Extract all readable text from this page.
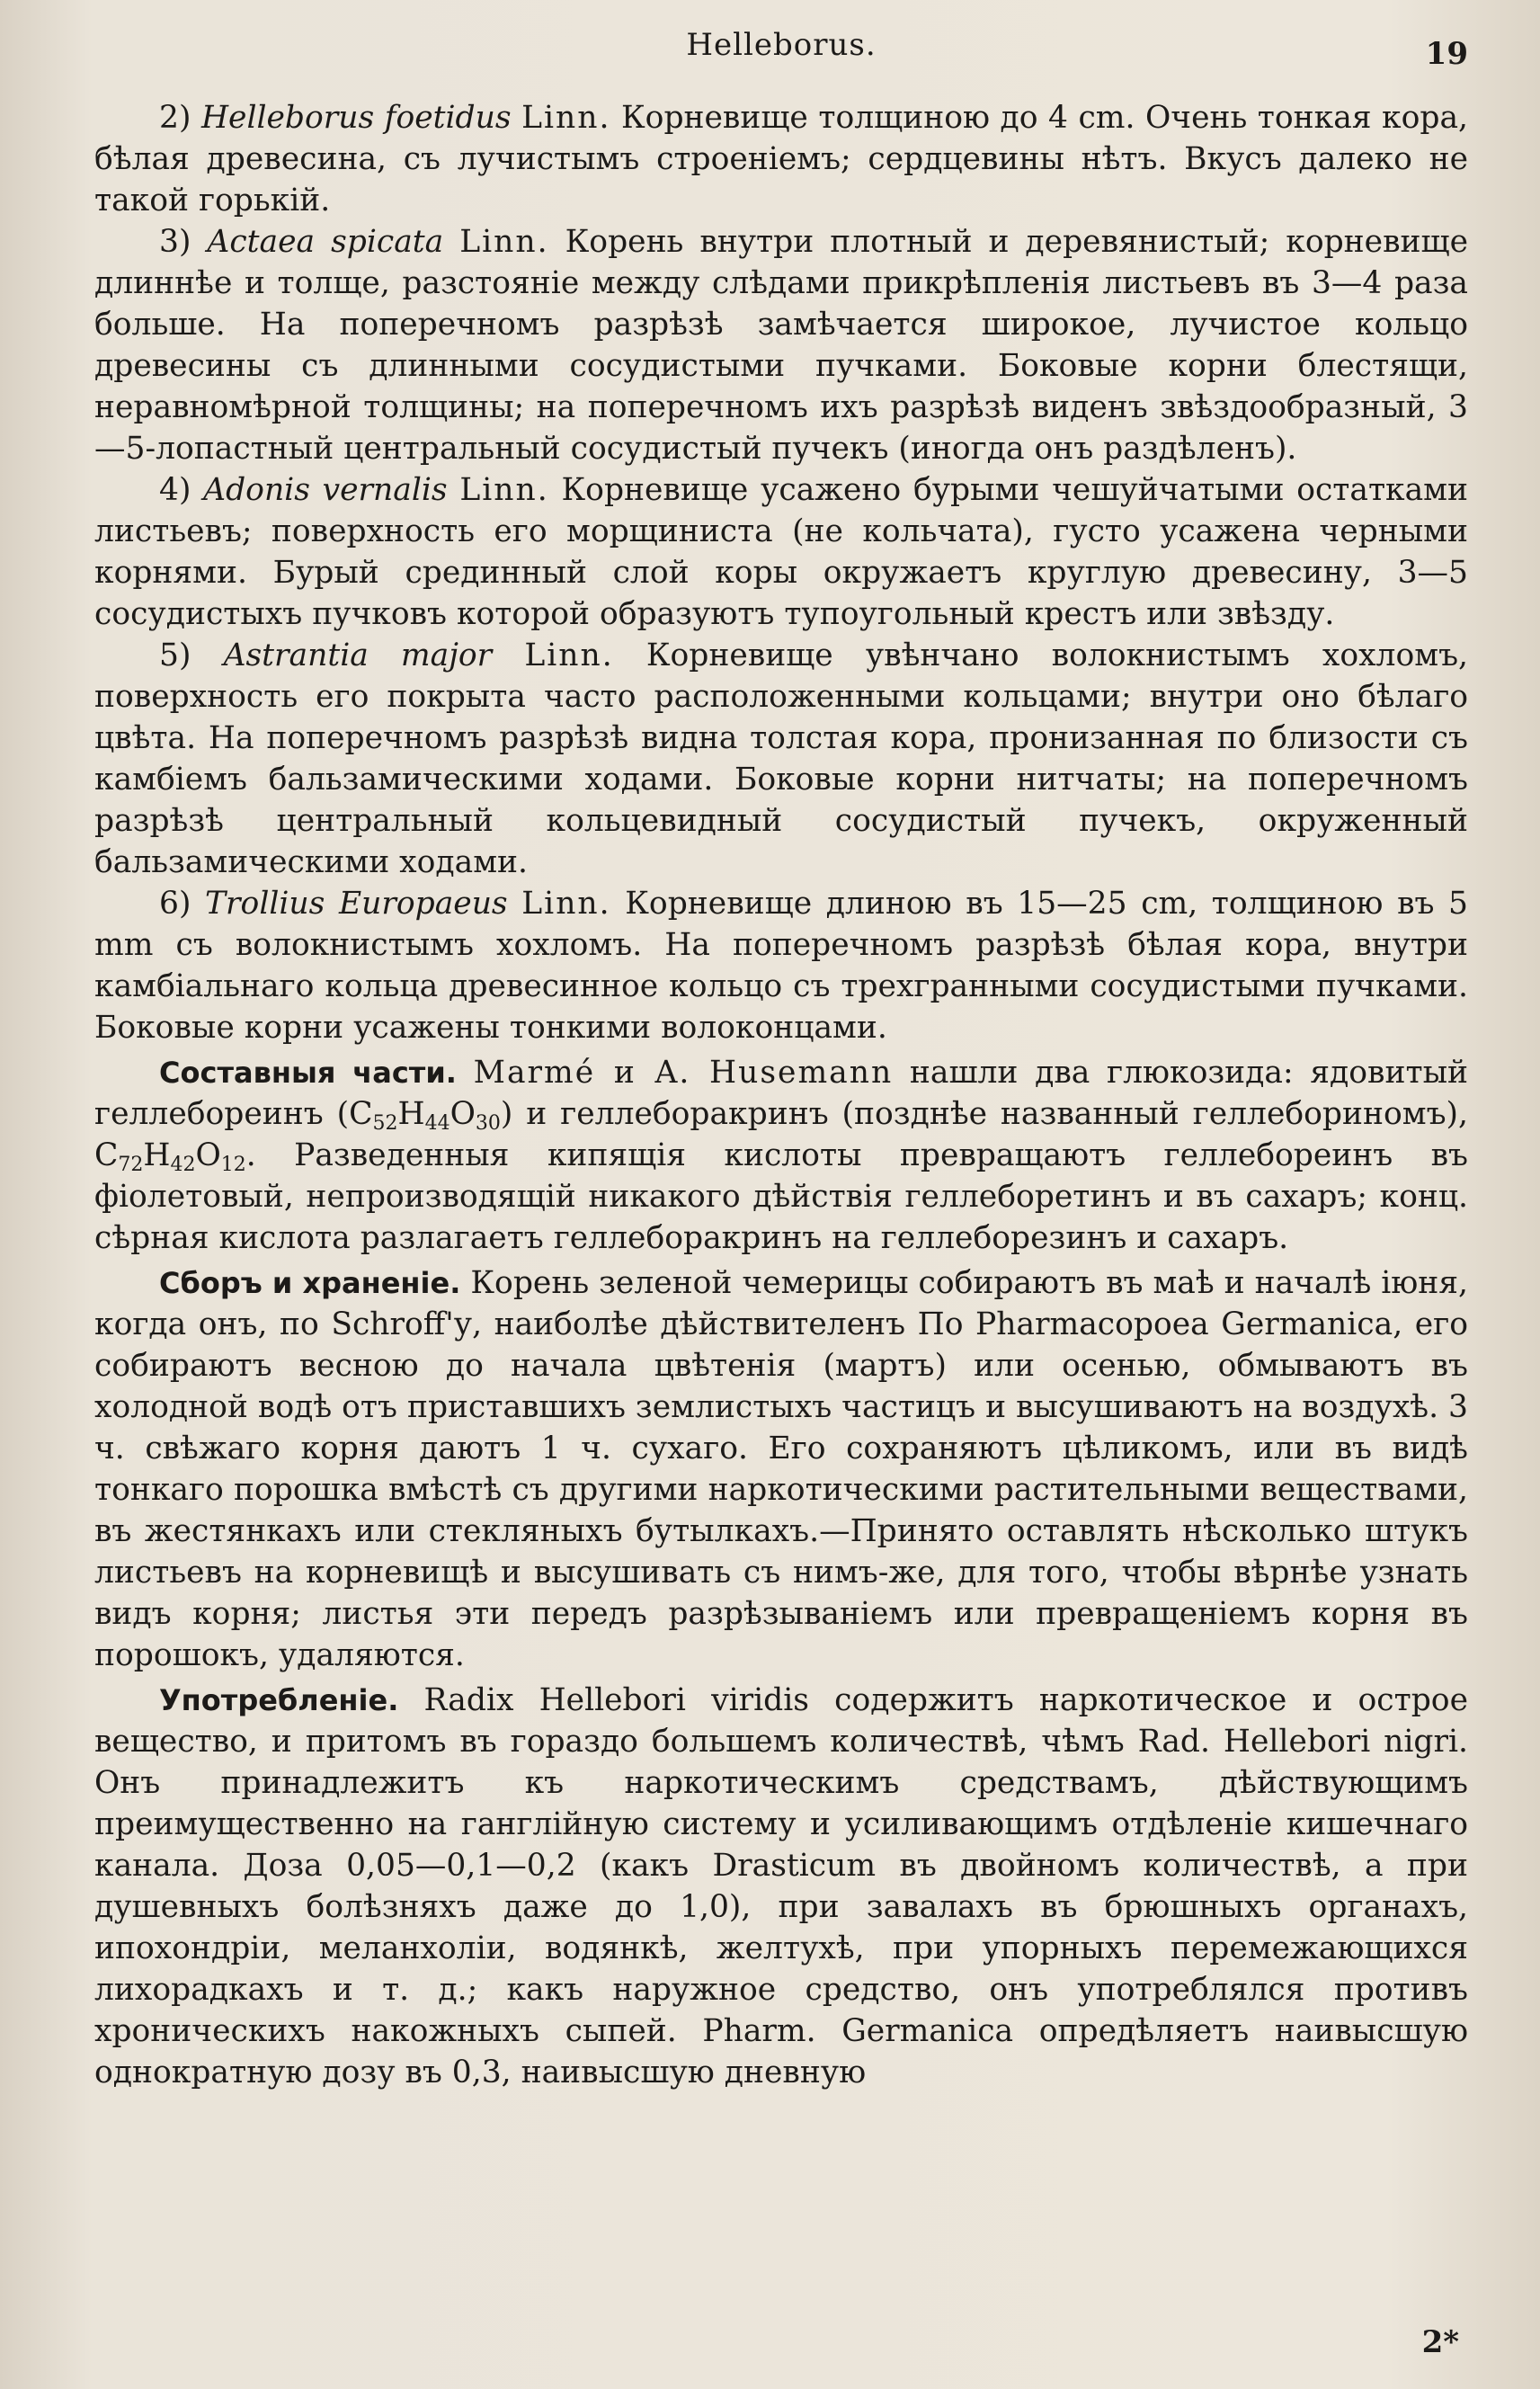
Helleborus.	19

2) Helleborus foetidus Linn. Корневище толщиною до 4 cm. Очень тонкая кора, бѣлая древесина, съ лучистымъ строеніемъ; сердцевины нѣтъ. Вкусъ далеко не такой горькій.

3) Actaea spicata Linn. Корень внутри плотный и деревянистый; корневище длиннѣе и толще, разстояніе между слѣдами прикрѣпленія листьевъ въ 3—4 раза больше. На поперечномъ разрѣзѣ замѣчается широкое, лучистое кольцо древесины съ длинными сосудистыми пучками. Боковые корни блестящи, неравномѣрной толщины; на поперечномъ ихъ разрѣзѣ виденъ звѣздообразный, 3—5-лопастный центральный сосудистый пучекъ (иногда онъ раздѣленъ).

4) Adonis vernalis Linn. Корневище усажено бурыми чешуйчатыми остатками листьевъ; поверхность его морщиниста (не кольчата), густо усажена черными корнями. Бурый срединный слой коры окружаетъ круглую древесину, 3—5 сосудистыхъ пучковъ которой образуютъ тупоугольный крестъ или звѣзду.

5) Astrantia major Linn. Корневище увѣнчано волокнистымъ хохломъ, поверхность его покрыта часто расположенными кольцами; внутри оно бѣлаго цвѣта. На поперечномъ разрѣзѣ видна толстая кора, пронизанная по близости съ камбіемъ бальзамическими ходами. Боковые корни нитчаты; на поперечномъ разрѣзѣ центральный кольцевидный сосудистый пучекъ, окруженный бальзамическими ходами.

6) Trollius Europaeus Linn. Корневище длиною въ 15—25 cm, толщиною въ 5 mm съ волокнистымъ хохломъ. На поперечномъ разрѣзѣ бѣлая кора, внутри камбіальнаго кольца древесинное кольцо съ трехгранными сосудистыми пучками. Боковые корни усажены тонкими волоконцами.

Составныя части. Marmé и A. Husemann нашли два глюкозида: ядовитый геллебореинъ $(C_{52}H_{44}O_{30})$ и геллеборакринъ (позднѣе названный геллебориномъ), $C_{72}H_{42}O_{12}$. Разведенныя кипящія кислоты превращаютъ геллебореинъ въ фіолетовый, непроизводящій никакого дѣйствія геллеборетинъ и въ сахаръ; конц. сѣрная кислота разлагаетъ геллеборакринъ на геллеборезинъ и сахаръ.

Сборъ и храненіе. Корень зеленой чемерицы собираютъ въ маѣ и началѣ іюня, когда онъ, по Schroff'у, наиболѣе дѣйствителенъ По Pharmacopoea Germanica, его собираютъ весною до начала цвѣтенія (мартъ) или осенью, обмываютъ въ холодной водѣ отъ приставшихъ землистыхъ частицъ и высушиваютъ на воздухѣ. 3 ч. свѣжаго корня даютъ 1 ч. сухаго. Его сохраняютъ цѣликомъ, или въ видѣ тонкаго порошка вмѣстѣ съ другими наркотическими растительными веществами, въ жестянкахъ или стекляныхъ бутылкахъ.—Принято оставлять нѣсколько штукъ листьевъ на корневищѣ и высушивать съ нимъ-же, для того, чтобы вѣрнѣе узнать видъ корня; листья эти передъ разрѣзываніемъ или превращеніемъ корня въ порошокъ, удаляются.

Употребленіе. Radix Hellebori viridis содержитъ наркотическое и острое вещество, и притомъ въ гораздо большемъ количествѣ, чѣмъ Rad. Hellebori nigri. Онъ принадлежитъ къ наркотическимъ средствамъ, дѣйствующимъ преимущественно на ганглійную систему и усиливающимъ отдѣленіе кишечнаго канала. Доза 0,05—0,1—0,2 (какъ Drasticum въ двойномъ количествѣ, а при душевныхъ болѣзняхъ даже до 1,0), при завалахъ въ брюшныхъ органахъ, ипохондріи, меланхоліи, водянкѣ, желтухѣ, при упорныхъ перемежающихся лихорадкахъ и т. д.; какъ наружное средство, онъ употреблялся противъ хроническихъ накожныхъ сыпей. Pharm. Germanica опредѣляетъ наивысшую однократную дозу въ 0,3, наивысшую дневную

2*
